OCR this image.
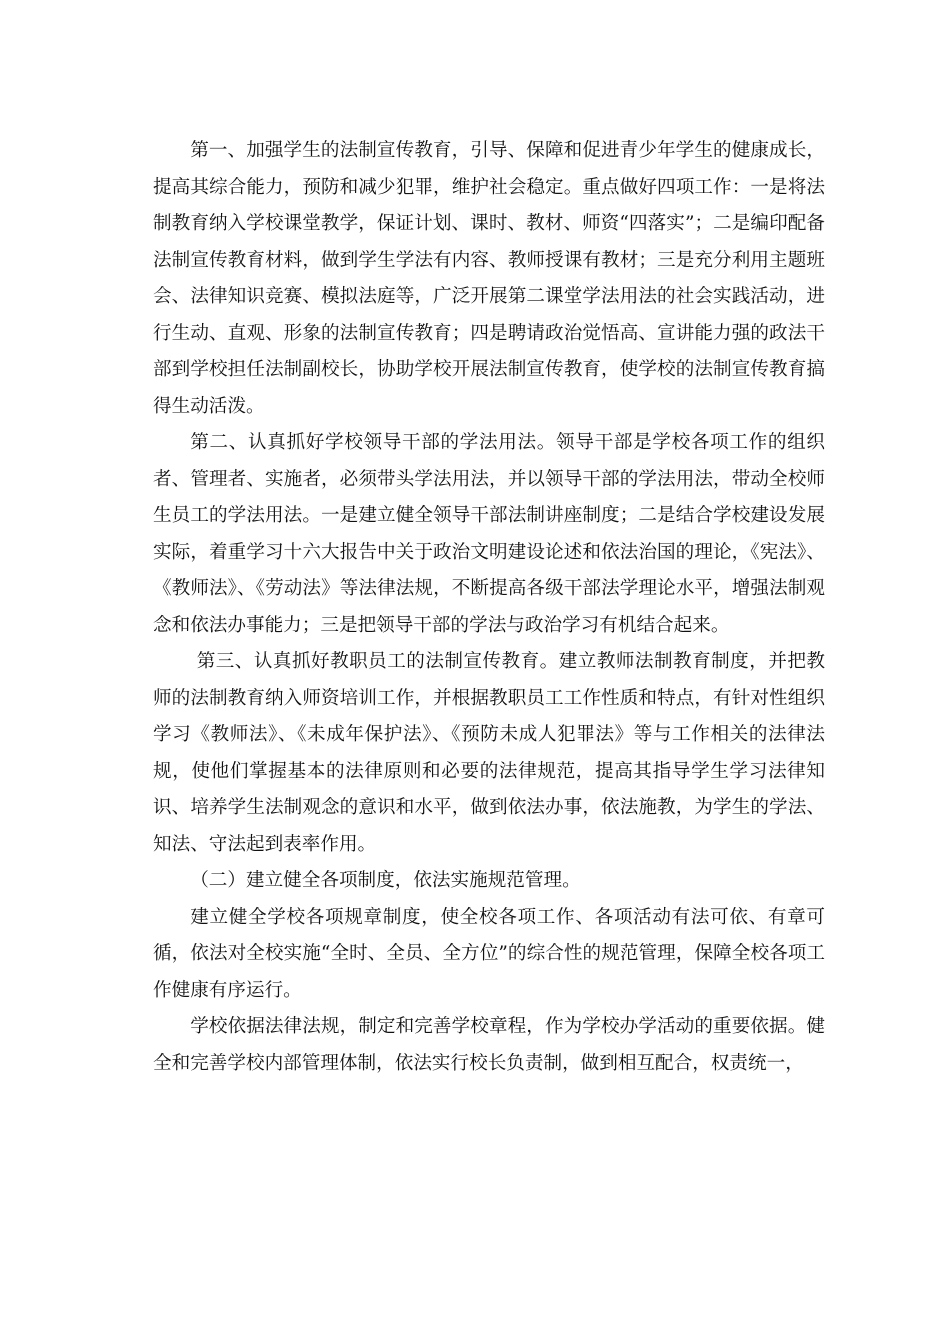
第一、加强学生的法制宣传教育，引导、保障和促进青少年学生的健康成长，提高其综合能力，预防和减少犯罪，维护社会稳定。重点做好四项工作：一是将法制教育纳入学校课堂教学，保证计划、课时、教材、师资“四落实”；二是编印配备法制宣传教育材料，做到学生学法有内容、教师授课有教材；三是充分利用主题班会、法律知识竞赛、模拟法庭等，广泛开展第二课堂学法用法的社会实践活动，进行生动、直观、形象的法制宣传教育；四是聘请政治觉悟高、宣讲能力强的政法干部到学校担任法制副校长，协助学校开展法制宣传教育，使学校的法制宣传教育搞得生动活泼。

第二、认真抓好学校领导干部的学法用法。领导干部是学校各项工作的组织者、管理者、实施者，必须带头学法用法，并以领导干部的学法用法，带动全校师生员工的学法用法。一是建立健全领导干部法制讲座制度；二是结合学校建设发展实际，着重学习十六大报告中关于政治文明建设论述和依法治国的理论，《宪法》、《教师法》、《劳动法》等法律法规，不断提高各级干部法学理论水平，增强法制观念和依法办事能力；三是把领导干部的学法与政治学习有机结合起来。

第三、认真抓好教职员工的法制宣传教育。建立教师法制教育制度，并把教师的法制教育纳入师资培训工作，并根据教职员工工作性质和特点，有针对性组织学习《教师法》、《未成年保护法》、《预防未成人犯罪法》等与工作相关的法律法规，使他们掌握基本的法律原则和必要的法律规范，提高其指导学生学习法律知识、培养学生法制观念的意识和水平，做到依法办事，依法施教，为学生的学法、知法、守法起到表率作用。

（二）建立健全各项制度，依法实施规范管理。

建立健全学校各项规章制度，使全校各项工作、各项活动有法可依、有章可循，依法对全校实施“全时、全员、全方位”的综合性的规范管理，保障全校各项工作健康有序运行。

学校依据法律法规，制定和完善学校章程，作为学校办学活动的重要依据。健全和完善学校内部管理体制，依法实行校长负责制，做到相互配合，权责统一，
